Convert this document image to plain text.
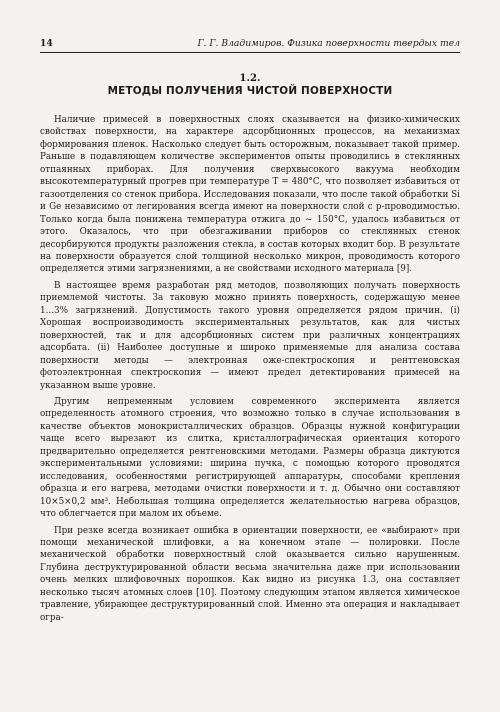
14	Г. Г. Владимиров. Физика поверхности твердых тел
1.2.
МЕТОДЫ ПОЛУЧЕНИЯ ЧИСТОЙ ПОВЕРХНОСТИ

Наличие примесей в поверхностных слоях сказывается на физико-химических свойствах поверхности, на характере адсорбционных процессов, на механизмах формирования пленок. Насколько следует быть осторожным, показывает такой пример. Раньше в подавляющем количестве экспериментов опыты проводились в стеклянных отпаянных приборах. Для получения сверхвысокого вакуума необходим высокотемпературный прогрев при температуре T = 480°С, что позволяет избавиться от газоотделения со стенок прибора. Исследования показали, что после такой обработки Si и Ge независимо от легирования всегда имеют на поверхности слой с p-проводимостью. Только когда была понижена температура отжига до ~ 150°С, удалось избавиться от этого. Оказалось, что при обезгаживании приборов со стеклянных стенок десорбируются продукты разложения стекла, в состав которых входит бор. В результате на поверхности образуется слой толщиной несколько микрон, проводимость которого определяется этими загрязнениями, а не свойствами исходного материала [9].

В настоящее время разработан ряд методов, позволяющих получать поверхность приемлемой чистоты. За таковую можно принять поверхность, содержащую менее 1...3% загрязнений. Допустимость такого уровня определяется рядом причин. (i) Хорошая воспроизводимость экспериментальных результатов, как для чистых поверхностей, так и для адсорбционных систем при различных концентрациях адсорбата. (ii) Наиболее доступные и широко применяемые для анализа состава поверхности методы — электронная оже-спектроскопия и рентгеновская фотоэлектронная спектроскопия — имеют предел детектирования примесей на указанном выше уровне.

Другим непременным условием современного эксперимента является определенность атомного строения, что возможно только в случае использования в качестве объектов монокристаллических образцов. Образцы нужной конфигурации чаще всего вырезают из слитка, кристаллографическая ориентация которого предварительно определяется рентгеновскими методами. Размеры образца диктуются экспериментальными условиями: ширина пучка, с помощью которого проводятся исследования, особенностями регистрирующей аппаратуры, способами крепления образца и его нагрева, методами очистки поверхности и т. д. Обычно они составляют 10×5×0,2 мм³. Небольшая толщина определяется желательностью нагрева образцов, что облегчается при малом их объеме.

При резке всегда возникает ошибка в ориентации поверхности, ее «выбирают» при помощи механической шлифовки, а на конечном этапе — полировки. После механической обработки поверхностный слой оказывается сильно нарушенным. Глубина деструктурированной области весьма значительна даже при использовании очень мелких шлифовочных порошков. Как видно из рисунка 1.3, она составляет несколько тысяч атомных слоев [10]. Поэтому следующим этапом является химическое травление, убирающее деструктурированный слой. Именно эта операция и накладывает огра-
